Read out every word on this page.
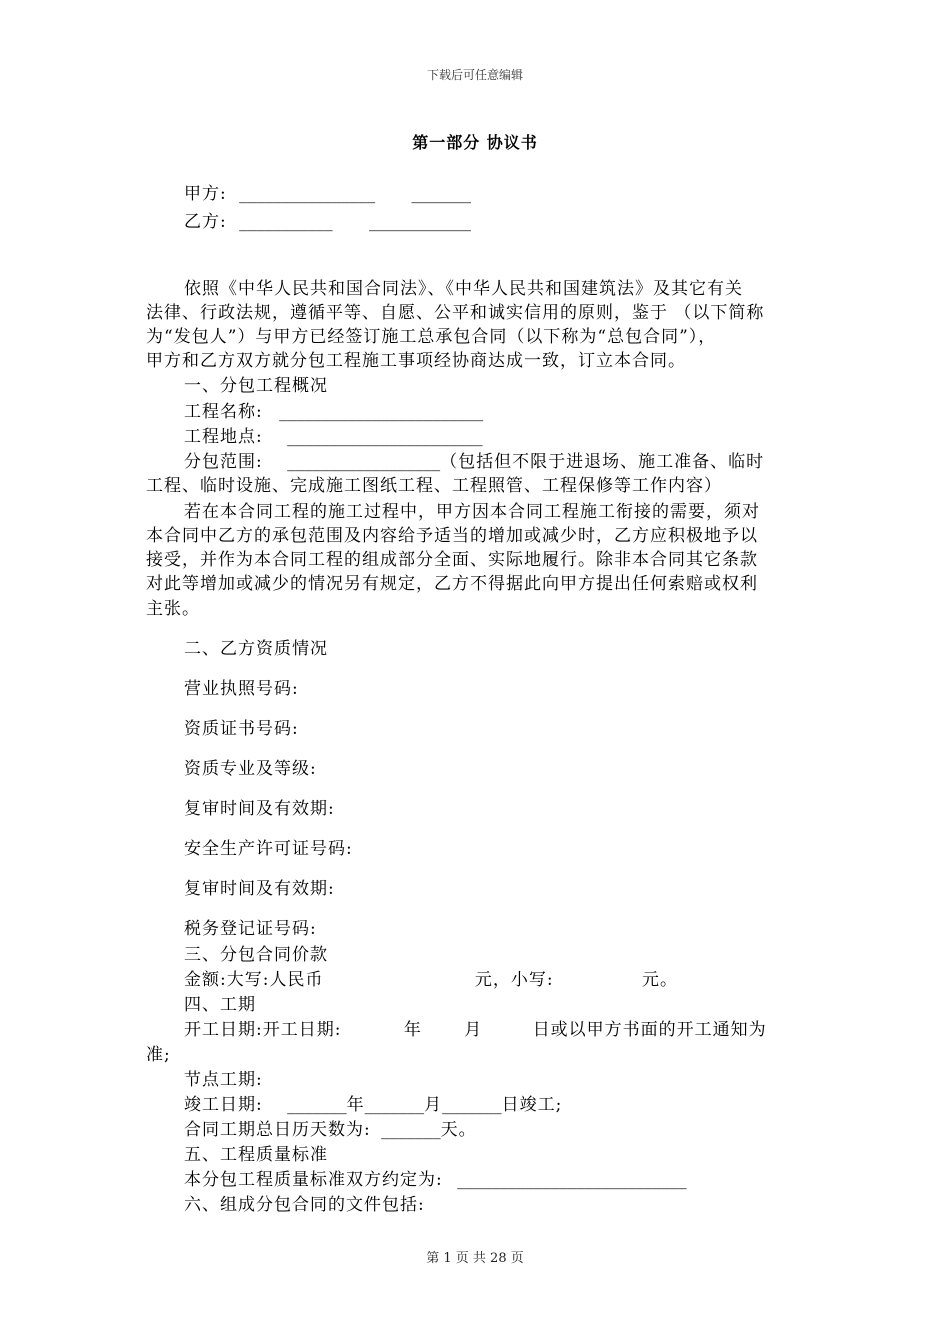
下载后可任意编辑
第一部分 协议书
甲方: ________________ _______
乙方: ___________ ____________
依照《中华人民共和国合同法》、《中华人民共和国建筑法》及其它有关
法律、行政法规，遵循平等、自愿、公平和诚实信用的原则，鉴于 （以下简称
为“发包人”）与甲方已经签订施工总承包合同（以下称为“总包合同”），
甲方和乙方双方就分包工程施工事项经协商达成一致，订立本合同。
一、分包工程概况
工程名称: ________________________
工程地点: _______________________
分包范围: __________________（包括但不限于进退场、施工准备、临时
工程、临时设施、完成施工图纸工程、工程照管、工程保修等工作内容）
若在本合同工程的施工过程中，甲方因本合同工程施工衔接的需要，须对
本合同中乙方的承包范围及内容给予适当的增加或减少时，乙方应积极地予以
接受，并作为本合同工程的组成部分全面、实际地履行。除非本合同其它条款
对此等增加或减少的情况另有规定，乙方不得据此向甲方提出任何索赔或权利
主张。
二、乙方资质情况
营业执照号码:
资质证书号码:
资质专业及等级:
复审时间及有效期:
安全生产许可证号码:
复审时间及有效期:
税务登记证号码:
三、分包合同价款
金额:大写:人民币	元，小写:	元。
四、工期
开工日期:开工日期:	年 月	日或以甲方书面的开工通知为
准;
节点工期:
竣工日期: _______年_______月_______日竣工;
合同工期总日历天数为: _______天。
五、工程质量标准
本分包工程质量标准双方约定为: ___________________________
六、组成分包合同的文件包括:
第 1 页 共 28 页
